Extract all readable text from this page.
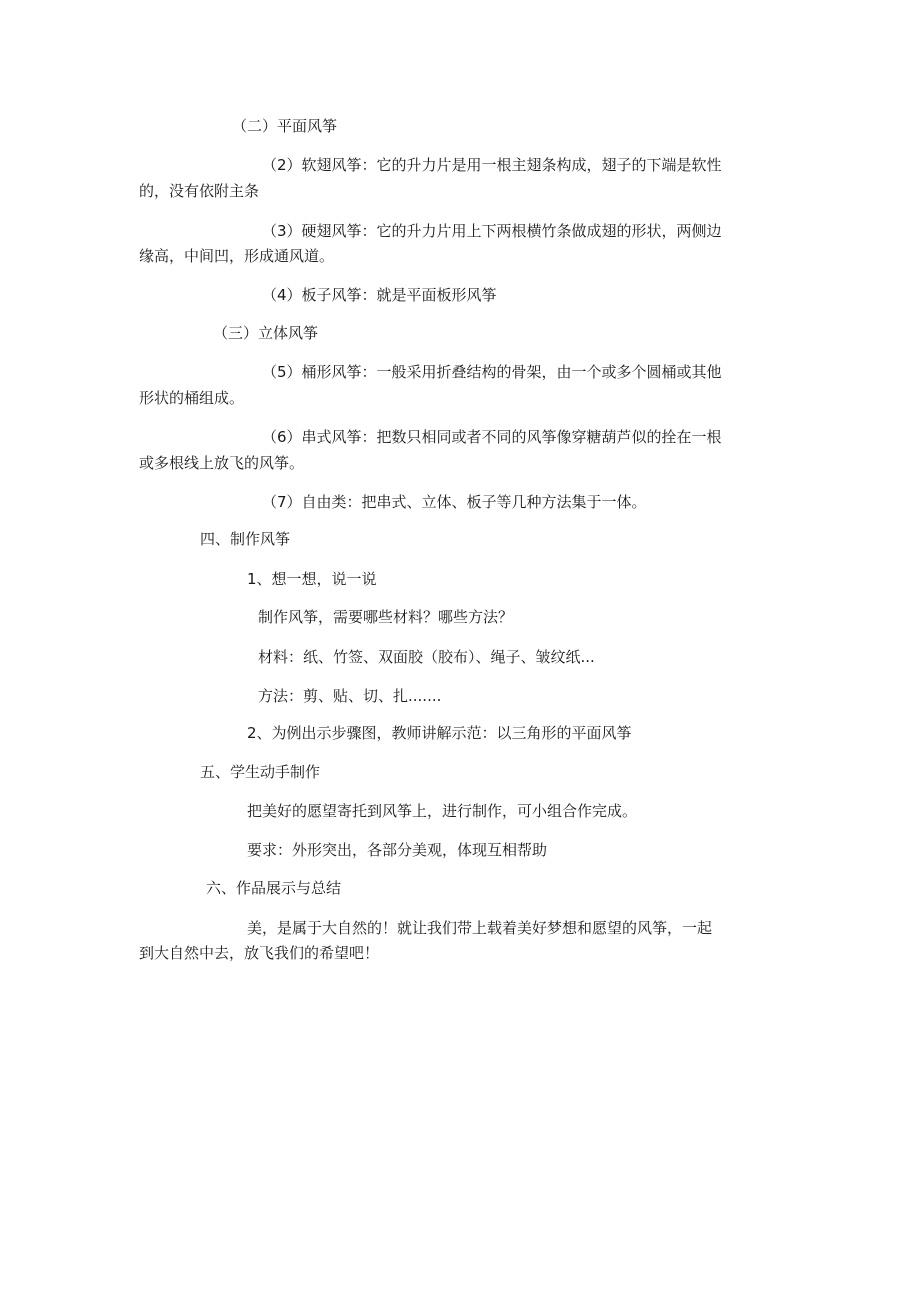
（二）平面风筝

（2）软翅风筝：它的升力片是用一根主翅条构成，翅子的下端是软性

的，没有依附主条

（3）硬翅风筝：它的升力片用上下两根横竹条做成翅的形状，两侧边

缘高，中间凹，形成通风道。

（4）板子风筝：就是平面板形风筝

（三）立体风筝

（5）桶形风筝：一般采用折叠结构的骨架，由一个或多个圆桶或其他

形状的桶组成。

（6）串式风筝：把数只相同或者不同的风筝像穿糖葫芦似的拴在一根

或多根线上放飞的风筝。

（7）自由类：把串式、立体、板子等几种方法集于一体。

四、制作风筝

1、想一想，说一说

制作风筝，需要哪些材料？哪些方法？

材料：纸、竹签、双面胶（胶布）、绳子、皱纹纸...

方法：剪、贴、切、扎.......

2、为例出示步骤图，教师讲解示范：以三角形的平面风筝

五、学生动手制作

把美好的愿望寄托到风筝上，进行制作，可小组合作完成。

要求：外形突出，各部分美观，体现互相帮助

六、作品展示与总结

美，是属于大自然的！就让我们带上载着美好梦想和愿望的风筝，一起

到大自然中去，放飞我们的希望吧！
